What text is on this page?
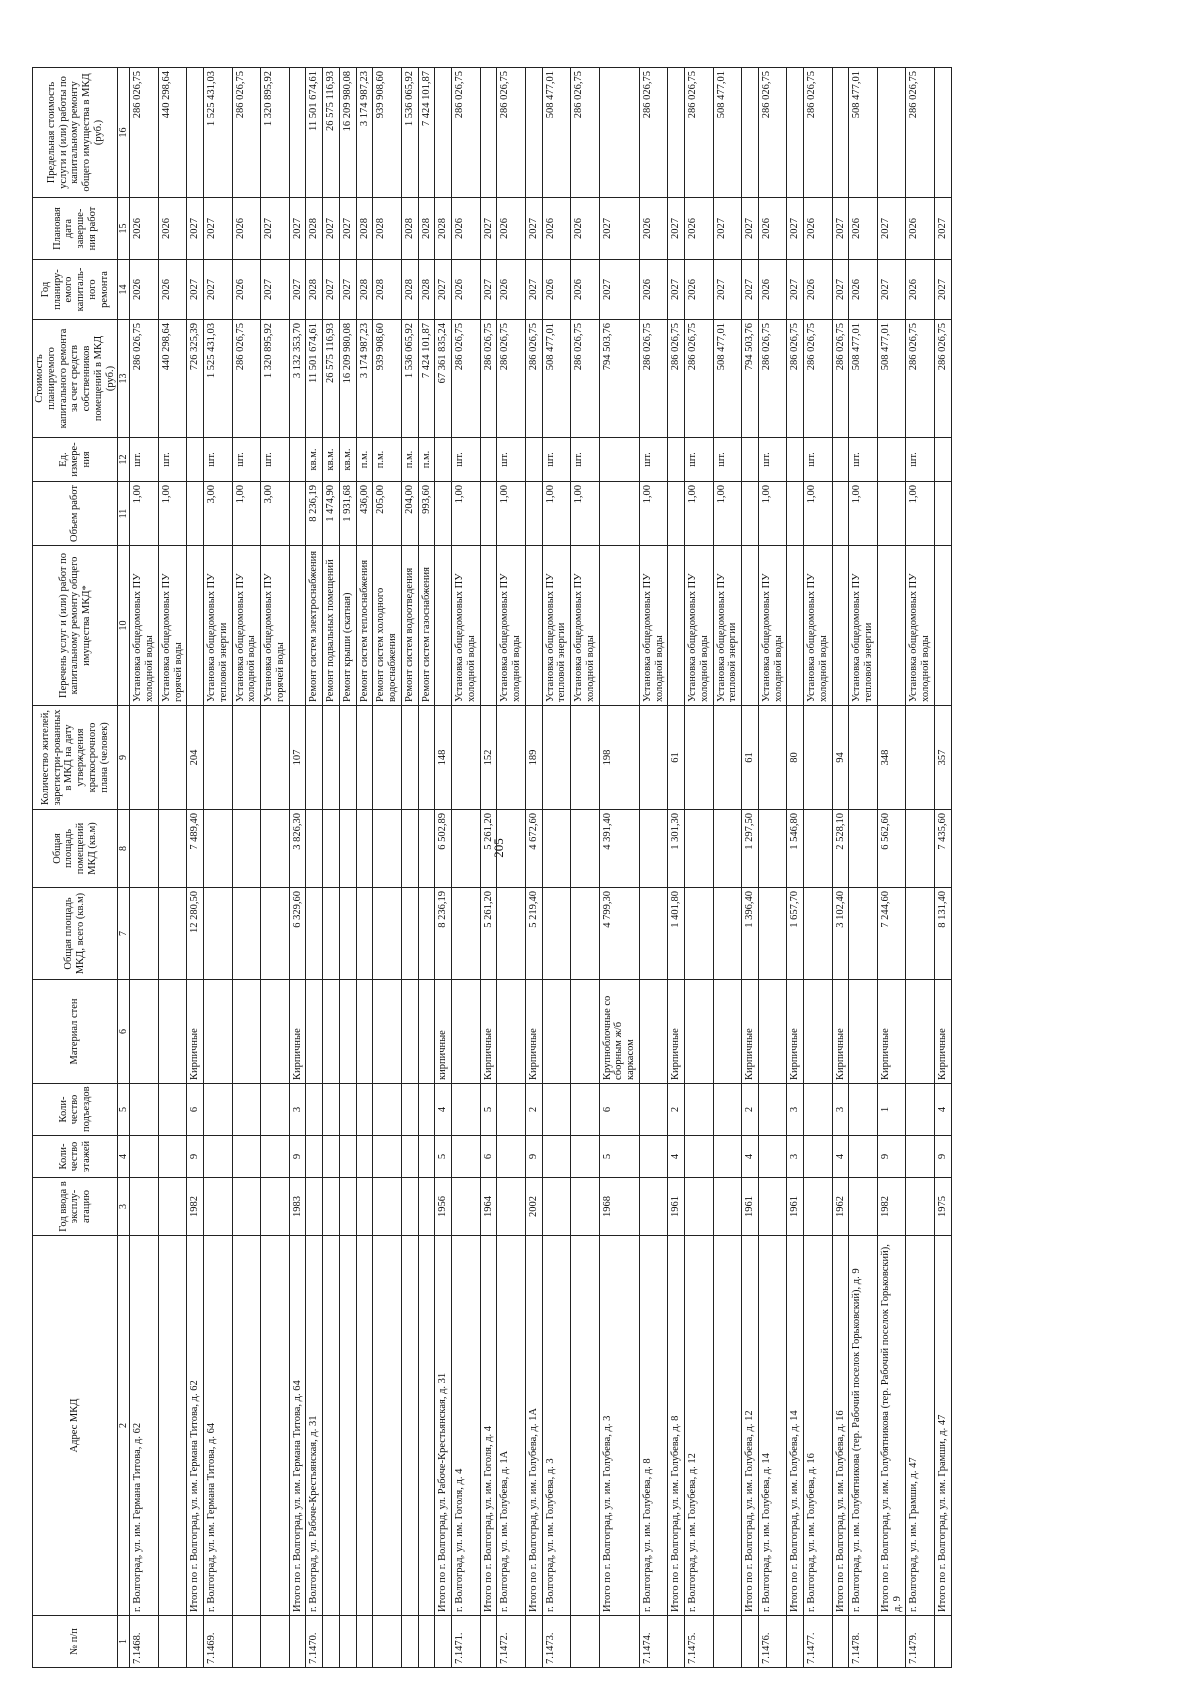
205
№ п/п	Адрес МКД	Год ввода в эксплу-атацию	Коли-чество этажей	Коли-чество подъездов	Материал стен	Общая площадь МКД, всего (кв.м)	Общая площадь помещений МКД (кв.м)	Количество жителей, зарегистри-рованных в МКД на дату утверждения краткосрочного плана (человек)	Перечень услуг и (или) работ по капитальному ремонту общего имущества МКД*	Объем работ	Ед. измере-ния	Стоимость планируемого капитального ремонта за счет средств собственников помещений в МКД (руб.)	Год планиру-емого капиталь-ного ремонта	Плановая дата заверше-ния работ	Предельная стоимость услуги и (или) работы по капитальному ремонту общего имущества в МКД (руб.)
1	2	3	4	5	6	7	8	9	10	11	12	13	14	15	16
7.1468.	г. Волгоград, ул. им. Германа Титова, д. 62								Установка общедомовых ПУ холодной воды	1,00	шт.	286 026,75	2026	2026	286 026,75
									Установка общедомовых ПУ горячей воды	1,00	шт.	440 298,64	2026	2026	440 298,64
	Итого по г. Волгоград, ул. им. Германа Титова, д. 62	1982	9	6	Кирпичные	12 280,50	7 489,40	204				726 325,39	2027	2027	
7.1469.	г. Волгоград, ул. им. Германа Титова, д. 64								Установка общедомовых ПУ тепловой энергии	3,00	шт.	1 525 431,03	2027	2027	1 525 431,03
									Установка общедомовых ПУ холодной воды	1,00	шт.	286 026,75	2026	2026	286 026,75
									Установка общедомовых ПУ горячей воды	3,00	шт.	1 320 895,92	2027	2027	1 320 895,92
	Итого по г. Волгоград, ул. им. Германа Титова, д. 64	1983	9	3	Кирпичные	6 329,60	3 826,30	107				3 132 353,70	2027	2027	
7.1470.	г. Волгоград, ул. Рабоче-Крестьянская, д. 31								Ремонт систем электроснабжения	8 236,19	кв.м.	11 501 674,61	2028	2028	11 501 674,61
									Ремонт подвальных помещений	1 474,90	кв.м.	26 575 116,93	2027	2027	26 575 116,93
									Ремонт крыши (скатная)	1 931,68	кв.м.	16 209 980,08	2027	2027	16 209 980,08
									Ремонт систем теплоснабжения	436,00	п.м.	3 174 987,23	2028	2028	3 174 987,23
									Ремонт систем холодного водоснабжения	205,00	п.м.	939 908,60	2028	2028	939 908,60
									Ремонт систем водоотведения	204,00	п.м.	1 536 065,92	2028	2028	1 536 065,92
									Ремонт систем газоснабжения	993,60	п.м.	7 424 101,87	2028	2028	7 424 101,87
	Итого по г. Волгоград, ул. Рабоче-Крестьянская, д. 31	1956	5	4	кирпичные	8 236,19	6 502,89	148				67 361 835,24	2027	2028	
7.1471.	г. Волгоград, ул. им. Гоголя, д. 4								Установка общедомовых ПУ холодной воды	1,00	шт.	286 026,75	2026	2026	286 026,75
	Итого по г. Волгоград, ул. им. Гоголя, д. 4	1964	6	5	Кирпичные	5 261,20	5 261,20	152				286 026,75	2027	2027	
7.1472.	г. Волгоград, ул. им. Голубева, д. 1А								Установка общедомовых ПУ холодной воды	1,00	шт.	286 026,75	2026	2026	286 026,75
	Итого по г. Волгоград, ул. им. Голубева, д. 1А	2002	9	2	Кирпичные	5 219,40	4 672,60	189				286 026,75	2027	2027	
7.1473.	г. Волгоград, ул. им. Голубева, д. 3								Установка общедомовых ПУ тепловой энергии	1,00	шт.	508 477,01	2026	2026	508 477,01
									Установка общедомовых ПУ холодной воды	1,00	шт.	286 026,75	2026	2026	286 026,75
	Итого по г. Волгоград, ул. им. Голубева, д. 3	1968	5	6	Крупноблочные со сборным ж/б каркасом	4 799,30	4 391,40	198				794 503,76	2027	2027	
7.1474.	г. Волгоград, ул. им. Голубева, д. 8								Установка общедомовых ПУ холодной воды	1,00	шт.	286 026,75	2026	2026	286 026,75
	Итого по г. Волгоград, ул. им. Голубева, д. 8	1961	4	2	Кирпичные	1 401,80	1 301,30	61				286 026,75	2027	2027	
7.1475.	г. Волгоград, ул. им. Голубева, д. 12								Установка общедомовых ПУ холодной воды	1,00	шт.	286 026,75	2026	2026	286 026,75
									Установка общедомовых ПУ тепловой энергии	1,00	шт.	508 477,01	2027	2027	508 477,01
	Итого по г. Волгоград, ул. им. Голубева, д. 12	1961	4	2	Кирпичные	1 396,40	1 297,50	61				794 503,76	2027	2027	
7.1476.	г. Волгоград, ул. им. Голубева, д. 14								Установка общедомовых ПУ холодной воды	1,00	шт.	286 026,75	2026	2026	286 026,75
	Итого по г. Волгоград, ул. им. Голубева, д. 14	1961	3	3	Кирпичные	1 657,70	1 546,80	80				286 026,75	2027	2027	
7.1477.	г. Волгоград, ул. им. Голубева, д. 16								Установка общедомовых ПУ холодной воды	1,00	шт.	286 026,75	2026	2026	286 026,75
	Итого по г. Волгоград, ул. им. Голубева, д. 16	1962	4	3	Кирпичные	3 102,40	2 528,10	94				286 026,75	2027	2027	
7.1478.	г. Волгоград, ул. им. Голубятникова (тер. Рабочий поселок Горьковский), д. 9								Установка общедомовых ПУ тепловой энергии	1,00	шт.	508 477,01	2026	2026	508 477,01
	Итого по г. Волгоград, ул. им. Голубятникова (тер. Рабочий поселок Горьковский), д. 9	1982	9	1	Кирпичные	7 244,60	6 562,60	348				508 477,01	2027	2027	
7.1479.	г. Волгоград, ул. им. Грамши, д. 47								Установка общедомовых ПУ холодной воды	1,00	шт.	286 026,75	2026	2026	286 026,75
	Итого по г. Волгоград, ул. им. Грамши, д. 47	1975	9	4	Кирпичные	8 131,40	7 435,60	357				286 026,75	2027	2027	
